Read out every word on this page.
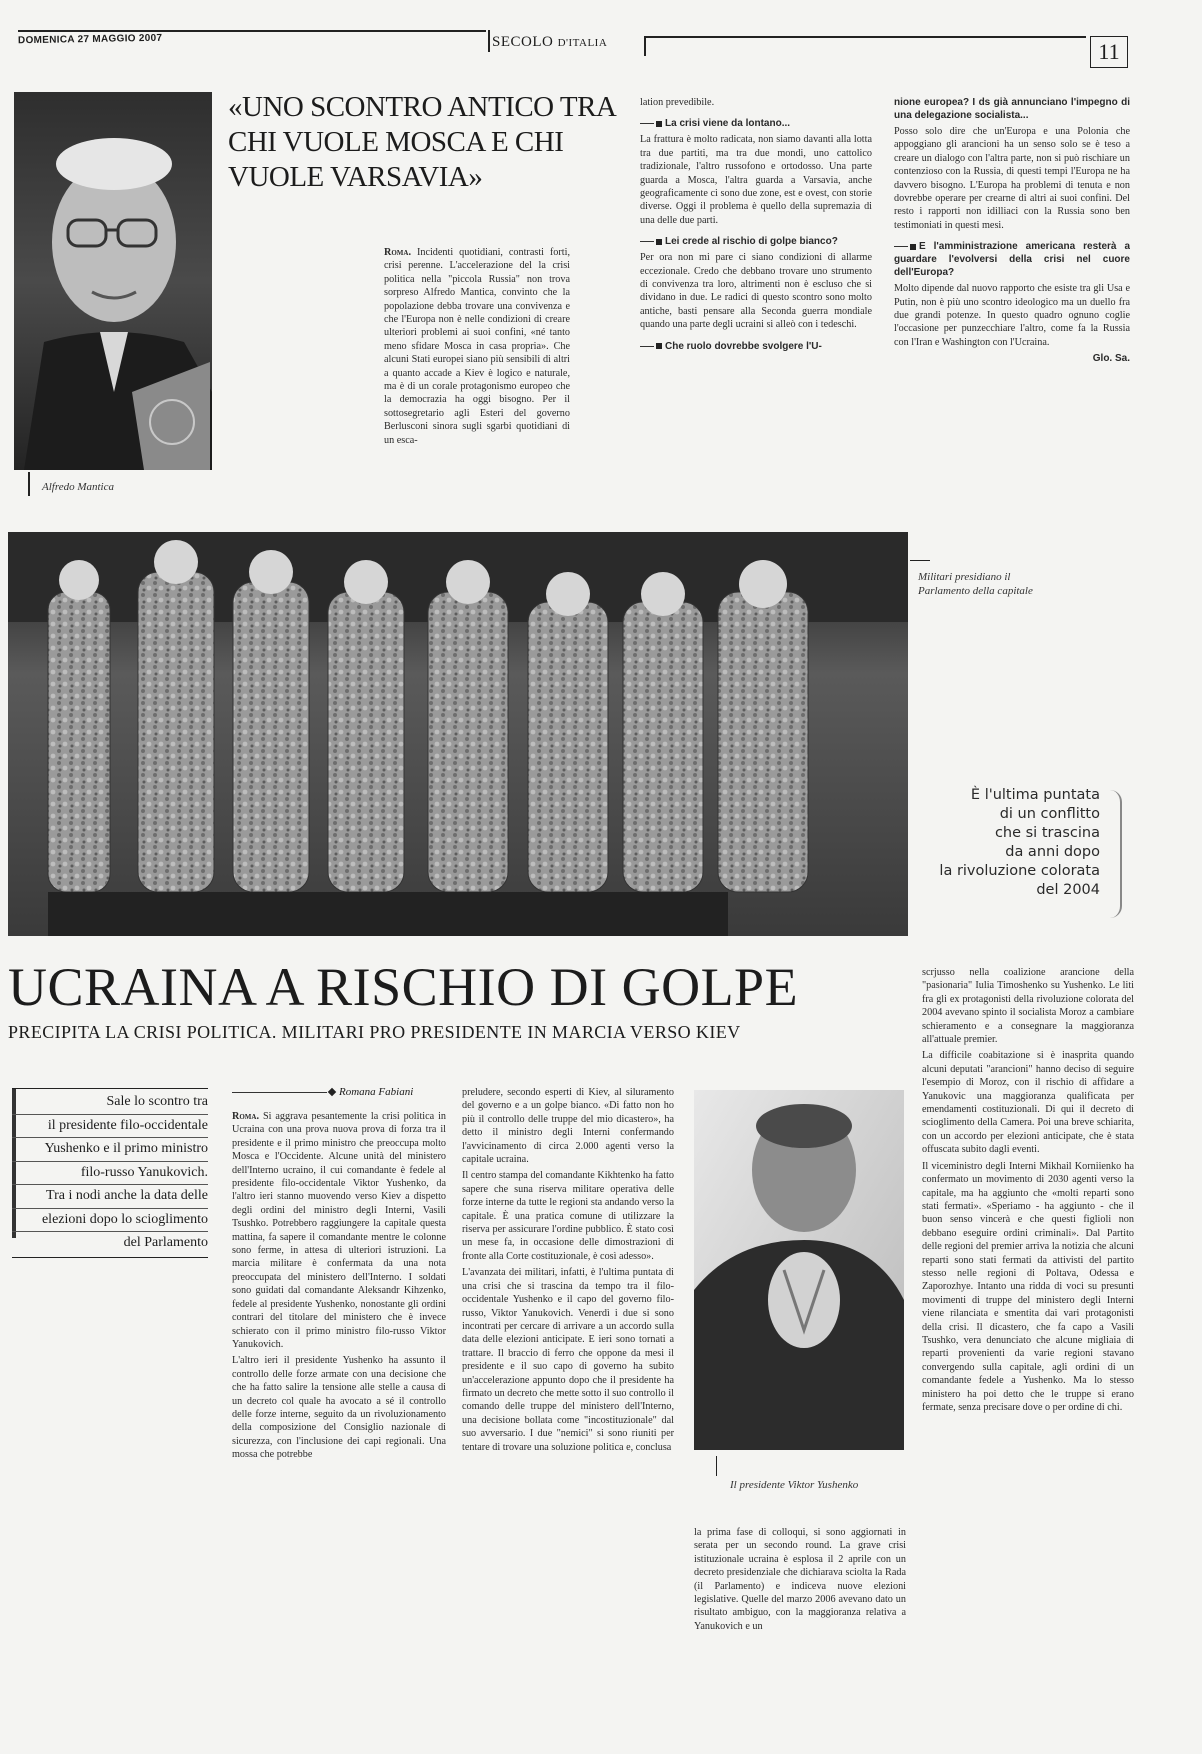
DOMENICA 27 MAGGIO 2007	SECOLO D'ITALIA	11
Alfredo Mantica
«UNO SCONTRO ANTICO TRA CHI VUOLE MOSCA E CHI VUOLE VARSAVIA»

Roma. Incidenti quotidiani, contrasti forti, crisi perenne. L'accelerazione del la crisi politica nella "piccola Russia" non trova sorpreso Alfredo Mantica, convinto che la popolazione debba trovare una convivenza e che l'Europa non è nelle condizioni di creare ulteriori problemi ai suoi confini, «né tanto meno sfidare Mosca in casa propria». Che alcuni Stati europei siano più sensibili di altri a quanto accade a Kiev è logico e naturale, ma è di un corale protagonismo europeo che la democrazia ha oggi bisogno. Per il sottosegretario agli Esteri del governo Berlusconi sinora sugli sgarbi quotidiani di un esca-

lation prevedibile.

La crisi viene da lontano...

La frattura è molto radicata, non siamo davanti alla lotta tra due partiti, ma tra due mondi, uno cattolico tradizionale, l'altro russofono e ortodosso. Una parte guarda a Mosca, l'altra guarda a Varsavia, anche geograficamente ci sono due zone, est e ovest, con storie diverse. Oggi il problema è quello della supremazia di una delle due parti.

Lei crede al rischio di golpe bianco?

Per ora non mi pare ci siano condizioni di allarme eccezionale. Credo che debbano trovare uno strumento di convivenza tra loro, altrimenti non è escluso che si dividano in due. Le radici di questo scontro sono molto antiche, basti pensare alla Seconda guerra mondiale quando una parte degli ucraini si alleò con i tedeschi.

Che ruolo dovrebbe svolgere l'U-

nione europea? I ds già annunciano l'impegno di una delegazione socialista...

Posso solo dire che un'Europa e una Polonia che appoggiano gli arancioni ha un senso solo se è teso a creare un dialogo con l'altra parte, non si può rischiare un contenzioso con la Russia, di questi tempi l'Europa ne ha davvero bisogno. L'Europa ha problemi di tenuta e non dovrebbe operare per crearne di altri ai suoi confini. Del resto i rapporti non idilliaci con la Russia sono ben testimoniati in questi mesi.

E l'amministrazione americana resterà a guardare l'evolversi della crisi nel cuore dell'Europa?

Molto dipende dal nuovo rapporto che esiste tra gli Usa e Putin, non è più uno scontro ideologico ma un duello fra due grandi potenze. In questo quadro ognuno coglie l'occasione per punzecchiare l'altro, come fa la Russia con l'Iran e Washington con l'Ucraina.

Glo. Sa.

Militari presidiano il Parlamento della capitale
È l'ultima puntata
di un conflitto
che si trascina
da anni dopo
la rivoluzione colorata
del 2004
UCRAINA A RISCHIO DI GOLPE
PRECIPITA LA CRISI POLITICA. MILITARI PRO PRESIDENTE IN MARCIA VERSO KIEV
Sale lo scontro tra
il presidente filo-occidentale
Yushenko e il primo ministro
filo-russo Yanukovich.
Tra i nodi anche la data delle
elezioni dopo lo scioglimento
del Parlamento
Romana Fabiani

Roma. Si aggrava pesantemente la crisi politica in Ucraina con una prova nuova prova di forza tra il presidente e il primo ministro che preoccupa molto Mosca e l'Occidente. Alcune unità del ministero dell'Interno ucraino, il cui comandante è fedele al presidente filo-occidentale Viktor Yushenko, da l'altro ieri stanno muovendo verso Kiev a dispetto degli ordini del ministro degli Interni, Vasili Tsushko. Potrebbero raggiungere la capitale questa mattina, fa sapere il comandante mentre le colonne sono ferme, in attesa di ulteriori istruzioni. La marcia militare è confermata da una nota preoccupata del ministero dell'Interno. I soldati sono guidati dal comandante Aleksandr Kihzenko, fedele al presidente Yushenko, nonostante gli ordini contrari del titolare del ministero che è invece schierato con il primo ministro filo-russo Viktor Yanukovich.

L'altro ieri il presidente Yushenko ha assunto il controllo delle forze armate con una decisione che che ha fatto salire la tensione alle stelle a causa di un decreto col quale ha avocato a sé il controllo delle forze interne, seguito da un rivoluzionamento della composizione del Consiglio nazionale di sicurezza, con l'inclusione dei capi regionali. Una mossa che potrebbe

preludere, secondo esperti di Kiev, al siluramento del governo e a un golpe bianco. «Di fatto non ho più il controllo delle truppe del mio dicastero», ha detto il ministro degli Interni confermando l'avvicinamento di circa 2.000 agenti verso la capitale ucraina.

Il centro stampa del comandante Kikhtenko ha fatto sapere che suna riserva militare operativa delle forze interne da tutte le regioni sta andando verso la capitale. È una pratica comune di utilizzare la riserva per assicurare l'ordine pubblico. È stato così un mese fa, in occasione delle dimostrazioni di fronte alla Corte costituzionale, è così adesso».

L'avanzata dei militari, infatti, è l'ultima puntata di una crisi che si trascina da tempo tra il filo-occidentale Yushenko e il capo del governo filo-russo, Viktor Yanukovich. Venerdì i due si sono incontrati per cercare di arrivare a un accordo sulla data delle elezioni anticipate. E ieri sono tornati a trattare. Il braccio di ferro che oppone da mesi il presidente e il suo capo di governo ha subito un'accelerazione appunto dopo che il presidente ha firmato un decreto che mette sotto il suo controllo il comando delle truppe del ministero dell'Interno, una decisione bollata come "incostituzionale" dal suo avversario. I due "nemici" si sono riuniti per tentare di trovare una soluzione politica e, conclusa

Il presidente Viktor Yushenko

la prima fase di colloqui, si sono aggiornati in serata per un secondo round. La grave crisi istituzionale ucraina è esplosa il 2 aprile con un decreto presidenziale che dichiarava sciolta la Rada (il Parlamento) e indiceva nuove elezioni legislative. Quelle del marzo 2006 avevano dato un risultato ambiguo, con la maggioranza relativa a Yanukovich e un

scrjusso nella coalizione arancione della "pasionaria" Iulia Timoshenko su Yushenko. Le liti fra gli ex protagonisti della rivoluzione colorata del 2004 avevano spinto il socialista Moroz a cambiare schieramento e a consegnare la maggioranza all'attuale premier.

La difficile coabitazione si è inasprita quando alcuni deputati "arancioni" hanno deciso di seguire l'esempio di Moroz, con il rischio di affidare a Yanukovic una maggioranza qualificata per emendamenti costituzionali. Di qui il decreto di scioglimento della Camera. Poi una breve schiarita, con un accordo per elezioni anticipate, che è stata offuscata subito dagli eventi.

Il viceministro degli Interni Mikhail Korniienko ha confermato un movimento di 2030 agenti verso la capitale, ma ha aggiunto che «molti reparti sono stati fermati». «Speriamo - ha aggiunto - che il buon senso vincerà e che questi figlioli non debbano eseguire ordini criminali». Dal Partito delle regioni del premier arriva la notizia che alcuni reparti sono stati fermati da attivisti del partito stesso nelle regioni di Poltava, Odessa e Zaporozhye. Intanto una ridda di voci su presunti movimenti di truppe del ministero degli Interni viene rilanciata e smentita dai vari protagonisti della crisi. Il dicastero, che fa capo a Vasili Tsushko, vera denunciato che alcune migliaia di reparti provenienti da varie regioni stavano convergendo sulla capitale, agli ordini di un comandante fedele a Yushenko. Ma lo stesso ministero ha poi detto che le truppe si erano fermate, senza precisare dove o per ordine di chi.
